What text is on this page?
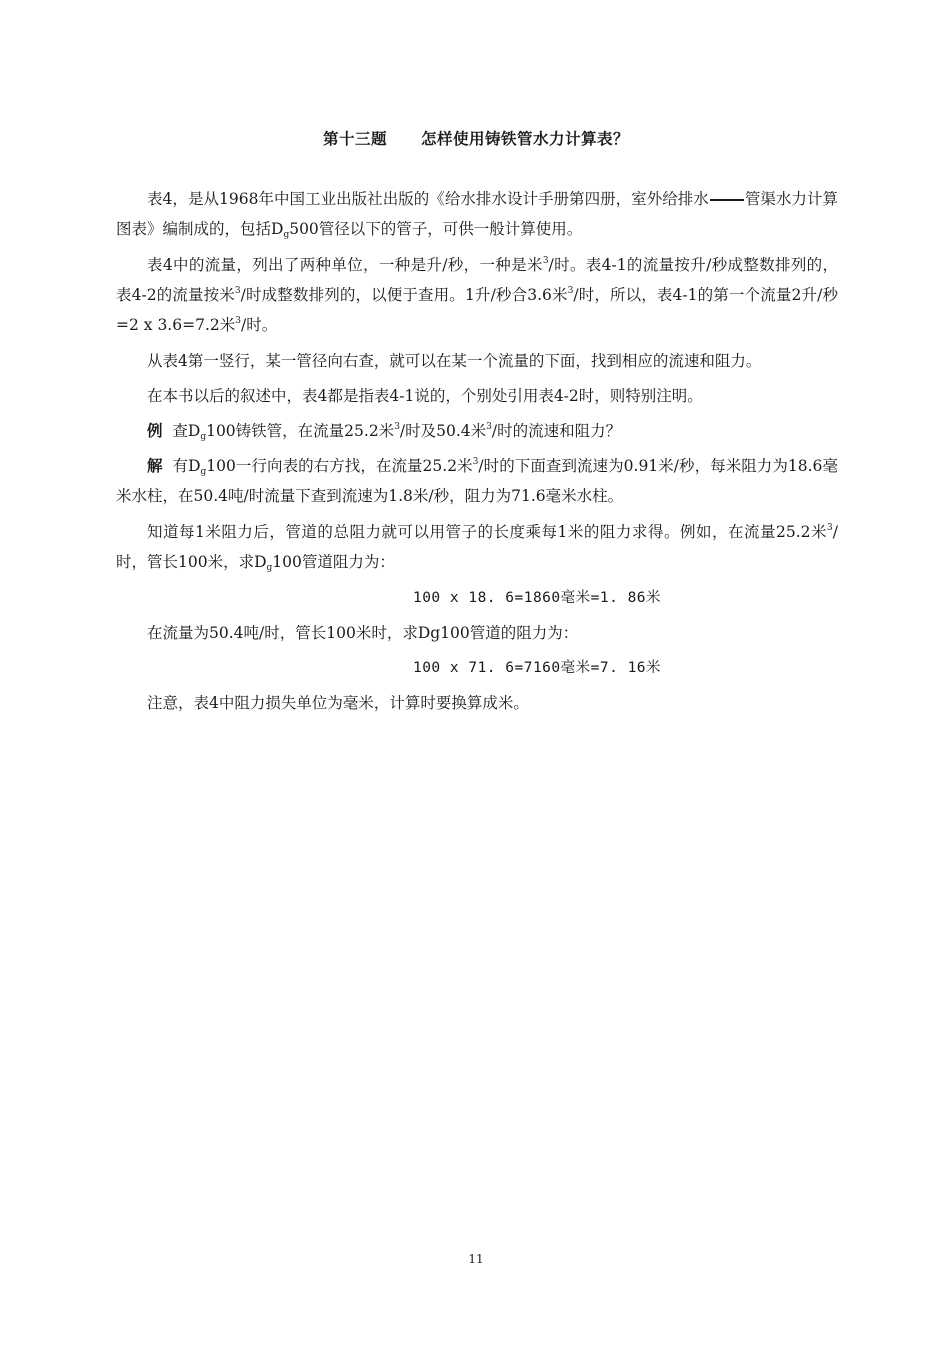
第十三题 怎样使用铸铁管水力计算表？

表4，是从1968年中国工业出版社出版的《给水排水设计手册第四册，室外给排水 管渠水力计算图表》编制成的，包括$D_g500$管径以下的管子，可供一般计算使用。

表4中的流量，列出了两种单位，一种是升/秒，一种是米$^3$/时。表4-1的流量按升/秒成整数排列的，表4-2的流量按米$^3$/时成整数排列的，以便于查用。1升/秒合3.6米$^3$/时，所以，表4-1的第一个流量2升/秒=2 x 3.6=7.2米$^3$/时。

从表4第一竖行，某一管径向右查，就可以在某一个流量的下面，找到相应的流速和阻力。

在本书以后的叙述中，表4都是指表4-1说的，个别处引用表4-2时，则特别注明。

例 查$D_g100$铸铁管，在流量25.2米$^3$/时及50.4米$^3$/时的流速和阻力？

解 有$D_g100$一行向表的右方找，在流量25.2米$^3$/时的下面查到流速为0.91米/秒，每米阻力为18.6毫米水柱，在50.4吨/时流量下查到流速为1.8米/秒，阻力为71.6毫米水柱。

知道每1米阻力后，管道的总阻力就可以用管子的长度乘每1米的阻力求得。例如，在流量25.2米$^3$/时，管长100米，求$D_g100$管道阻力为：

100 x 18. 6=1860毫米=1. 86米

在流量为50.4吨/时，管长100米时，求Dg100管道的阻力为：

100 x 71. 6=7160毫米=7. 16米

注意，表4中阻力损失单位为毫米，计算时要换算成米。

11
